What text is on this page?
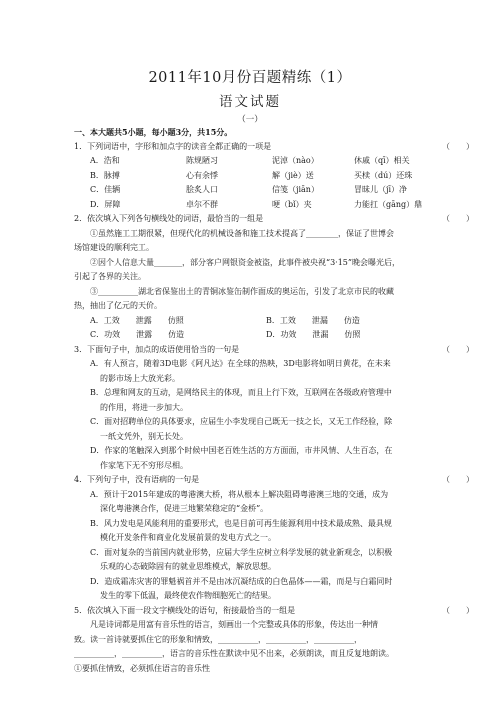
2011年10月份百题精练（1）
语文试题
（一）
一、本大题共5小题，每小题3分，共15分。
1．下列词语中，字形和加点字的读音全都正确的一项是	（　　）
A．浩和	陈规陋习	泥淖（nào）	休戚（qī）相关
B．脉搏	心有余悸	解（jiè）送	买椟（dú）还珠
C．佳辆	脍炙人口	信笺（jiān）	冒昧儿（jī）净
D．屏障	卓尔不群	哽（bǐ）夹	力能扛（gāng）鼎
2．依次填入下列各句横线处的词语，最恰当的一组是	（　　）
①虽然施工工期很紧，但现代化的机械设备和施工技术提高了________，保证了世博会
场馆建设的顺利完工。
②因个人信息大量_______，部分客户网银资金被盗，此事件被央视“3·15”晚会曝光后，
引起了各界的关注。
③__________湖北省保鉴出土的青铜冰鉴缶制作面成的奥运缶，引发了北京市民的收藏
热，抽出了亿元的天价。
A．工效　　泄露　　仿照	B．工效　　泄漏　　仿造
C．功效　　泄露　　仿造	D．功效　　泄漏　　仿照
3．下面句子中，加点的成语使用恰当的一句是	（　　）
A．有人预言，随着3D电影《阿凡达》在全球的热映，3D电影将如明日黄花，在未来
的影市场上大放光彩。
B．总理和网友的互动，是网络民主的体现，而且上行下效，互联网在各级政府管理中
的作用，将进一步加大。
C．面对招聘单位的具体要求，应届生小李发现自己既无一技之长，又无工作经验，除
一纸文凭外，别无长处。
D．作家的笔触深入到那个时候中国老百姓生活的方方面面，市井风情、人生百态，在
作家笔下无不穷形尽相。
4．下列句子中，没有语病的一句是	（　　）
A．预计于2015年建成的粤港澳大桥，将从根本上解决阻碍粤港澳三地的交通，成为
深化粤港澳合作，促进三地繁荣稳定的“金桥”。
B．风力发电是风能利用的重要形式，也是目前可再生能源利用中技术最成熟、最具规
模化开发条件和商业化发展前景的发电方式之一。
C．面对复杂的当前国内就业形势，应届大学生应树立科学发展的就业新观念，以积极
乐观的心态破除固有的就业思维模式，解放思想。
D．造成霜冻灾害的罪魁祸首并不是由冰沉凝结成的白色晶体——霜，而是与白霜同时
发生的零下低温，最终使农作物细胞死亡的结果。
5．依次填入下面一段文字横线处的语句，衔接最恰当的一组是	（　　）
凡是诗词都是用富有音乐性的语言，刻画出一个完整或具体的形象，传达出一种情
致。读一首诗就要抓住它的形象和情致，__________，__________，__________，
__________，__________，语言的音乐性在默读中见不出来，必须朗读，而且反复地朗读。
①要抓住情致，必须抓住语言的音乐性
